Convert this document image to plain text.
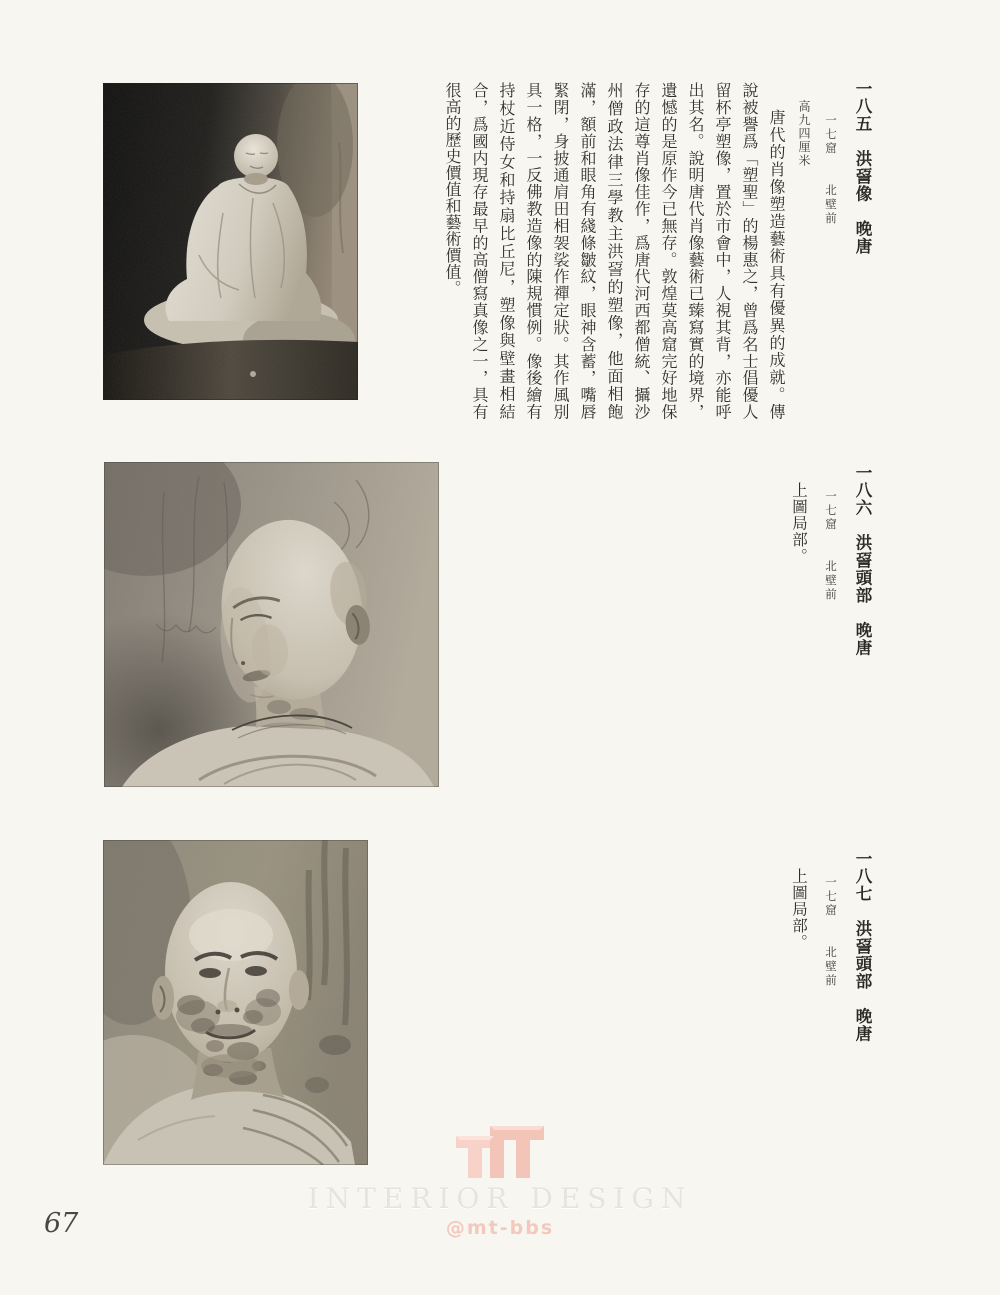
一八五　洪䛒像　晚唐
一七窟　　北壁前
高九四厘米
唐代的肖像塑造藝術具有優異的成就。傳說被譽爲「塑聖」的楊惠之，曾爲名士倡優人留杯亭塑像，置於市會中，人視其背，亦能呼出其名。說明唐代肖像藝術已臻寫實的境界，遺憾的是原作今已無存。敦煌莫高窟完好地保存的這尊肖像佳作，爲唐代河西都僧統、攝沙州僧政法律三學教主洪䛒的塑像，他面相飽滿，額前和眼角有綫條皺紋，眼神含蓄，嘴唇緊閉，身披通肩田相袈裟作禪定狀。其作風別具一格，一反佛教造像的陳規慣例。像後繪有持杖近侍女和持扇比丘尼，塑像與壁畫相結合，爲國内現存最早的高僧寫真像之一，具有很高的歷史價值和藝術價值。
一八六　洪䛒頭部　晚唐
一七窟　　北壁前
上圖局部。
一八七　洪䛒頭部　晚唐
一七窟　　北壁前
上圖局部。
INTERIOR DESIGN
@mt-bbs
67
